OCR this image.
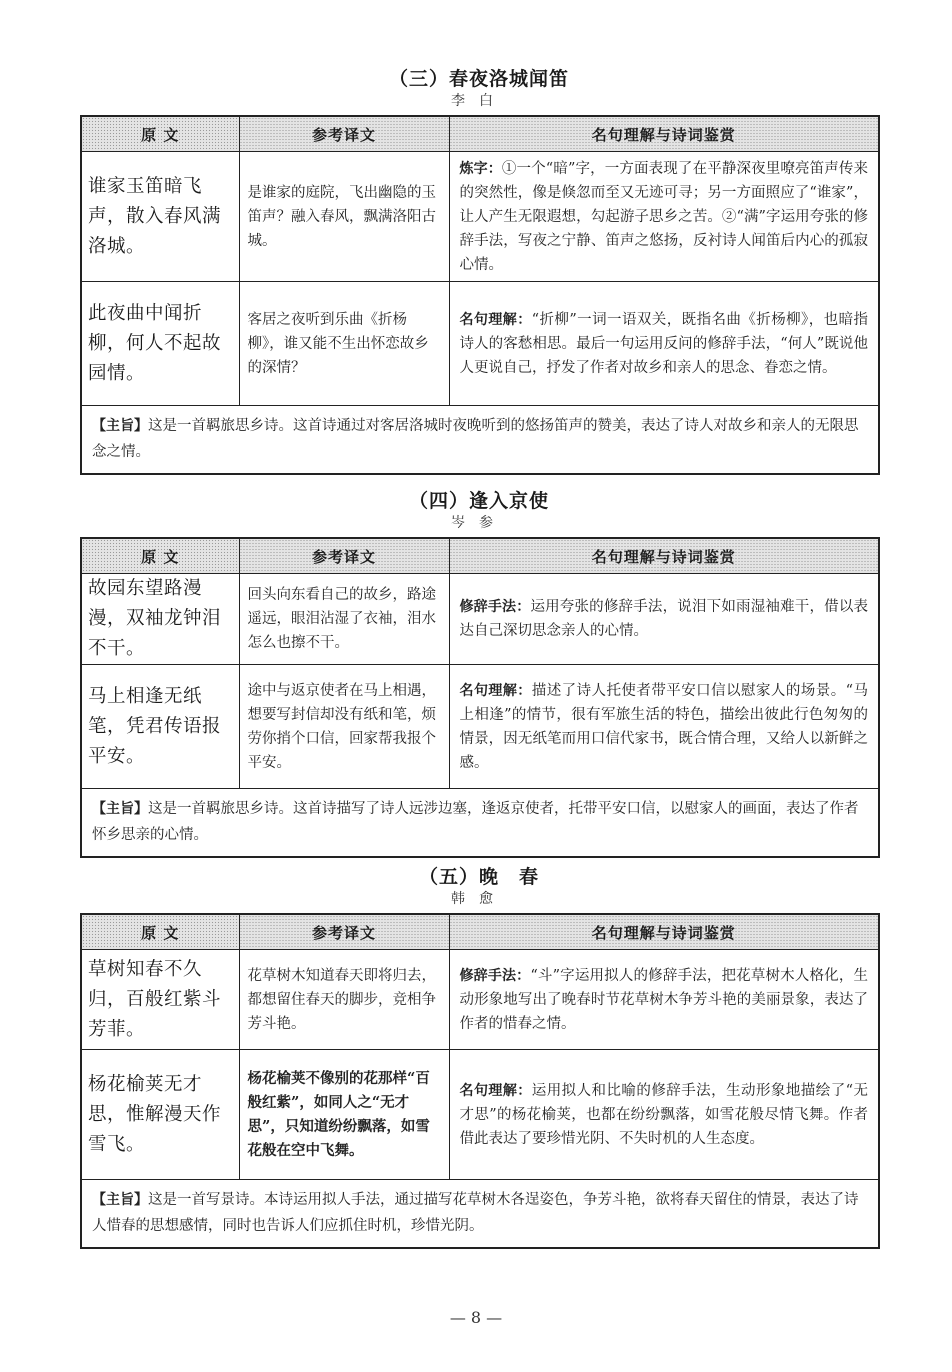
（三）春夜洛城闻笛
李白
原 文	参考译文	名句理解与诗词鉴赏
谁家玉笛暗飞声，散入春风满洛城。	是谁家的庭院，飞出幽隐的玉笛声？融入春风，飘满洛阳古城。	炼字：①一个“暗”字，一方面表现了在平静深夜里嘹亮笛声传来的突然性，像是倏忽而至又无迹可寻；另一方面照应了“谁家”，让人产生无限遐想，勾起游子思乡之苦。②“满”字运用夸张的修辞手法，写夜之宁静、笛声之悠扬，反衬诗人闻笛后内心的孤寂心情。
此夜曲中闻折柳，何人不起故园情。	客居之夜听到乐曲《折杨柳》，谁又能不生出怀恋故乡的深情？	名句理解：“折柳”一词一语双关，既指名曲《折杨柳》，也暗指诗人的客愁相思。最后一句运用反问的修辞手法，“何人”既说他人更说自己，抒发了作者对故乡和亲人的思念、眷恋之情。
【主旨】这是一首羁旅思乡诗。这首诗通过对客居洛城时夜晚听到的悠扬笛声的赞美，表达了诗人对故乡和亲人的无限思念之情。		
（四）逢入京使
岑参
原 文	参考译文	名句理解与诗词鉴赏
故园东望路漫漫，双袖龙钟泪不干。	回头向东看自己的故乡，路途遥远，眼泪沾湿了衣袖，泪水怎么也擦不干。	修辞手法：运用夸张的修辞手法，说泪下如雨湿袖难干，借以表达自己深切思念亲人的心情。
马上相逢无纸笔，凭君传语报平安。	途中与返京使者在马上相遇，想要写封信却没有纸和笔，烦劳你捎个口信，回家帮我报个平安。	名句理解：描述了诗人托使者带平安口信以慰家人的场景。“马上相逢”的情节，很有军旅生活的特色，描绘出彼此行色匆匆的情景，因无纸笔而用口信代家书，既合情合理，又给人以新鲜之感。
【主旨】这是一首羁旅思乡诗。这首诗描写了诗人远涉边塞，逢返京使者，托带平安口信，以慰家人的画面，表达了作者怀乡思亲的心情。		
（五）晚　春
韩愈
原 文	参考译文	名句理解与诗词鉴赏
草树知春不久归，百般红紫斗芳菲。	花草树木知道春天即将归去，都想留住春天的脚步，竞相争芳斗艳。	修辞手法：“斗”字运用拟人的修辞手法，把花草树木人格化，生动形象地写出了晚春时节花草树木争芳斗艳的美丽景象，表达了作者的惜春之情。
杨花榆荚无才思，惟解漫天作雪飞。	杨花榆荚不像别的花那样“百般红紫”，如同人之“无才思”，只知道纷纷飘落，如雪花般在空中飞舞。	名句理解：运用拟人和比喻的修辞手法，生动形象地描绘了“无才思”的杨花榆荚，也都在纷纷飘落，如雪花般尽情飞舞。作者借此表达了要珍惜光阴、不失时机的人生态度。
【主旨】这是一首写景诗。本诗运用拟人手法，通过描写花草树木各逞姿色，争芳斗艳，欲将春天留住的情景，表达了诗人惜春的思想感情，同时也告诉人们应抓住时机，珍惜光阴。		
— 8 —
